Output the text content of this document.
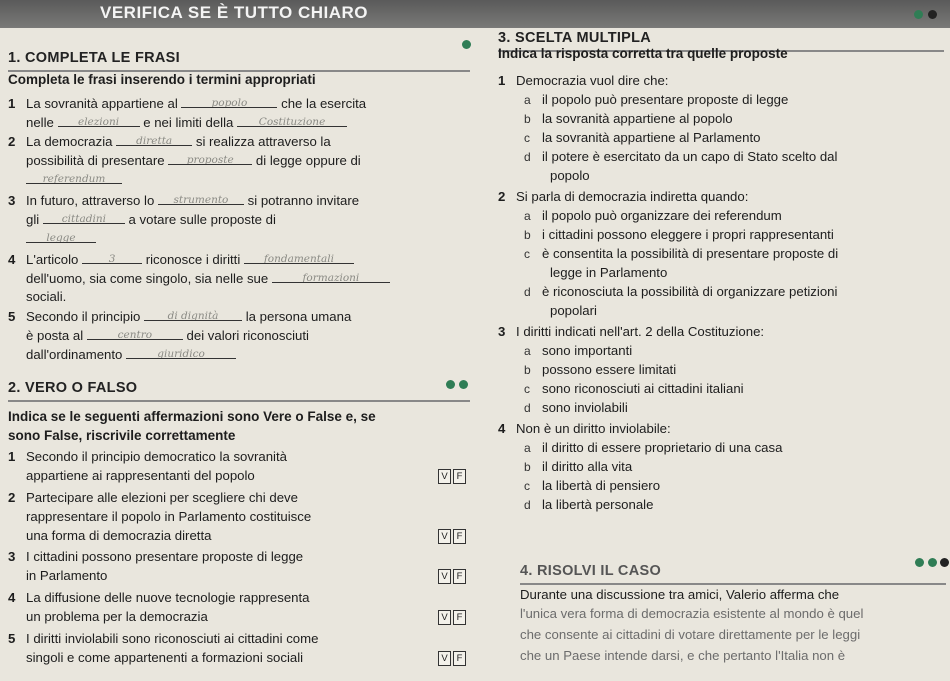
VERIFICA SE È TUTTO CHIARO
1. COMPLETA LE FRASI
Completa le frasi inserendo i termini appropriati
1 La sovranità appartiene al	popolo	che la esercita
nelle elezioni e nei limiti della Costituzione
2 La democrazia diretta si realizza attraverso la
possibilità di presentare proposte di legge oppure di
referendum
3 In futuro, attraverso lo strumento si potranno invitare
gli cittadini a votare sulle proposte di
legge
4 L'articolo	3 riconosce i diritti fondamentali
dell'uomo, sia come singolo, sia nelle sue	formazioni
sociali.
5 Secondo il principio	di dignità la persona umana
è posta al	centro	dei valori riconosciuti
dall'ordinamento	giuridico
2. VERO O FALSO
Indica se le seguenti affermazioni sono Vere o False e, se
sono False, riscrivile correttamente
1 Secondo il principio democratico la sovranità
appartiene ai rappresentanti del popolo	V F
2 Partecipare alle elezioni per scegliere chi deve
rappresentare il popolo in Parlamento costituisce
una forma di democrazia diretta	V F
3 I cittadini possono presentare proposte di legge
in Parlamento	V F
4 La diffusione delle nuove tecnologie rappresenta
un problema per la democrazia	V F
5 I diritti inviolabili sono riconosciuti ai cittadini come
singoli e come appartenenti a formazioni sociali	V F
3. SCELTA MULTIPLA
Indica la risposta corretta tra quelle proposte
1 Democrazia vuol dire che:
a il popolo può presentare proposte di legge
b la sovranità appartiene al popolo
c la sovranità appartiene al Parlamento
d il potere è esercitato da un capo di Stato scelto dal
popolo
2 Si parla di democrazia indiretta quando:
a il popolo può organizzare dei referendum
b i cittadini possono eleggere i propri rappresentanti
c è consentita la possibilità di presentare proposte di
legge in Parlamento
d è riconosciuta la possibilità di organizzare petizioni
popolari
3 I diritti indicati nell'art. 2 della Costituzione:
a sono importanti
b possono essere limitati
c sono riconosciuti ai cittadini italiani
d sono inviolabili
4 Non è un diritto inviolabile:
a il diritto di essere proprietario di una casa
b il diritto alla vita
c la libertà di pensiero
d la libertà personale
4. RISOLVI IL CASO
Durante una discussione tra amici, Valerio afferma che
l'unica vera forma di democrazia esistente al mondo è quel
che consente ai cittadini di votare direttamente per le leggi
che un Paese intende darsi, e che pertanto l'Italia non è
